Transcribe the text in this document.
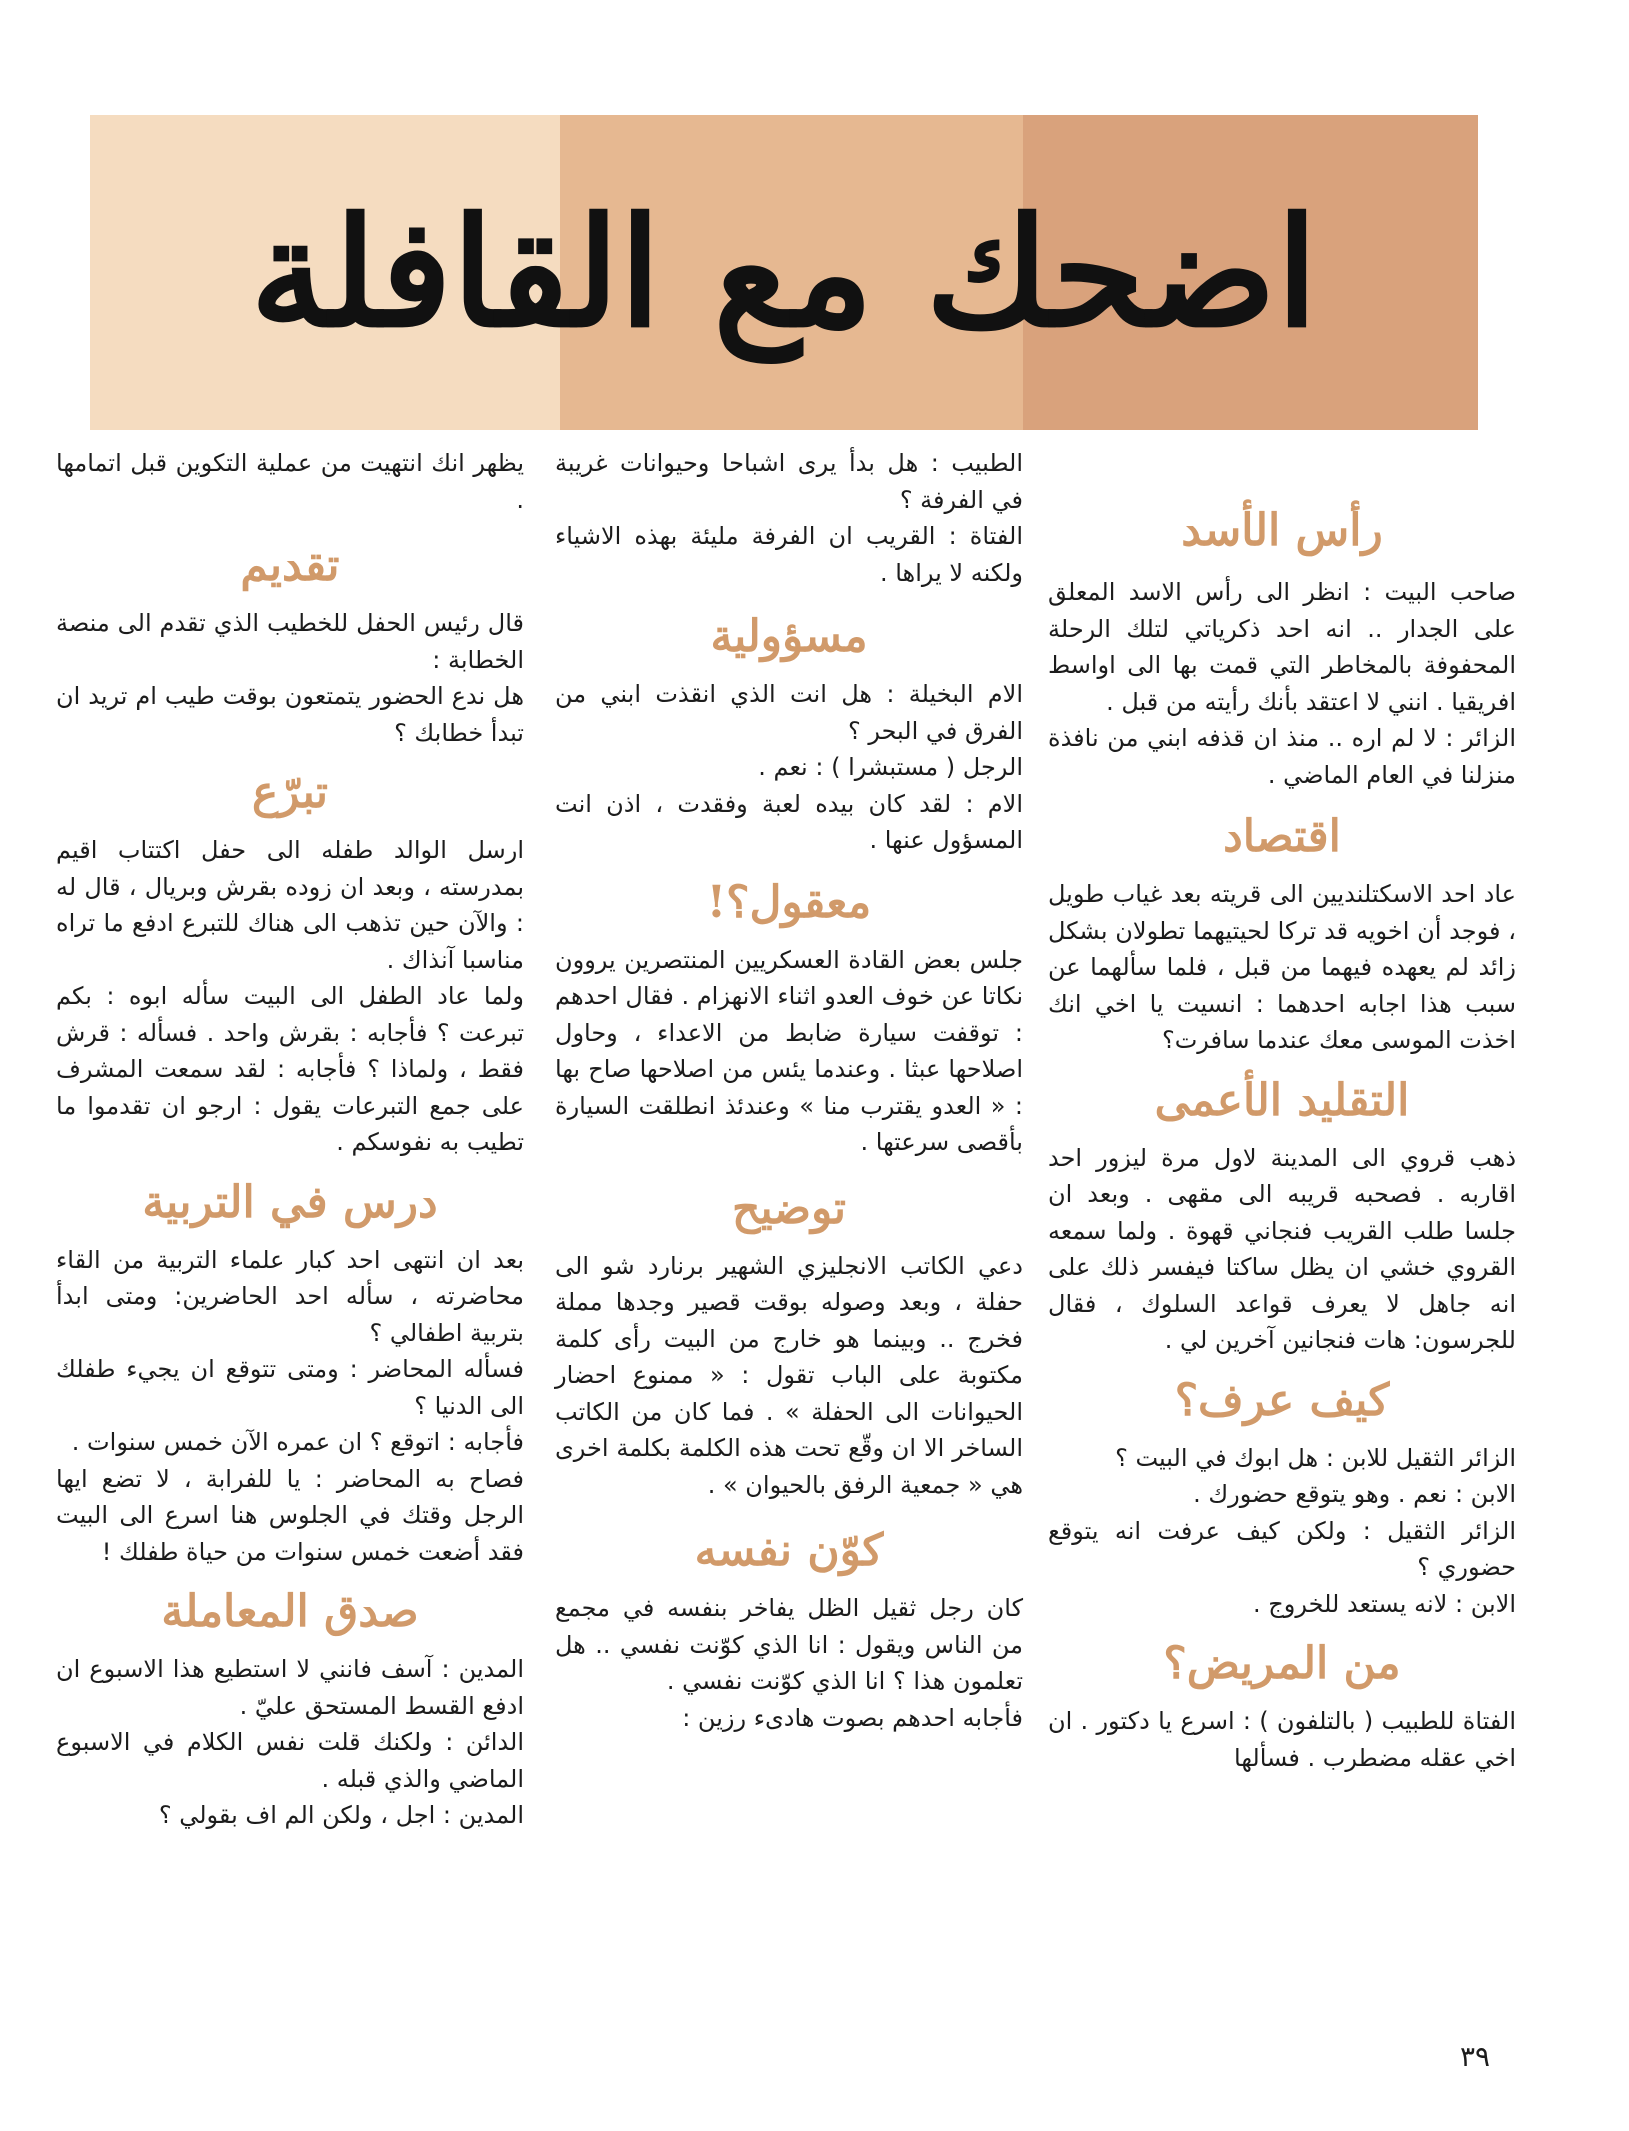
اضحك مع القافلة
رأس الأسد

صاحب البيت : انظر الى رأس الاسد المعلق على الجدار .. انه احد ذكرياتي لتلك الرحلة المحفوفة بالمخاطر التي قمت بها الى اواسط افريقيا . انني لا اعتقد بأنك رأيته من قبل .

الزائر : لا لم اره .. منذ ان قذفه ابني من نافذة منزلنا في العام الماضي .

اقتصاد

عاد احد الاسكتلنديين الى قريته بعد غياب طويل ، فوجد أن اخويه قد تركا لحيتيهما تطولان بشكل زائد لم يعهده فيهما من قبل ، فلما سألهما عن سبب هذا اجابه احدهما : انسيت يا اخي انك اخذت الموسى معك عندما سافرت؟

التقليد الأعمى

ذهب قروي الى المدينة لاول مرة ليزور احد اقاربه . فصحبه قريبه الى مقهى . وبعد ان جلسا طلب القريب فنجاني قهوة . ولما سمعه القروي خشي ان يظل ساكتا فيفسر ذلك على انه جاهل لا يعرف قواعد السلوك ، فقال للجرسون: هات فنجانين آخرين لي .

كيف عرف؟

الزائر الثقيل للابن : هل ابوك في البيت ؟

الابن : نعم . وهو يتوقع حضورك .

الزائر الثقيل : ولكن كيف عرفت انه يتوقع حضوري ؟

الابن : لانه يستعد للخروج .

من المريض؟

الفتاة للطبيب ( بالتلفون ) : اسرع يا دكتور . ان اخي عقله مضطرب . فسألها

الطبيب : هل بدأ يرى اشباحا وحيوانات غريبة في الفرفة ؟

الفتاة : القريب ان الفرفة مليئة بهذه الاشياء ولكنه لا يراها .

مسؤولية

الام البخيلة : هل انت الذي انقذت ابني من الفرق في البحر ؟

الرجل ( مستبشرا ) : نعم .

الام : لقد كان بيده لعبة وفقدت ، اذن انت المسؤول عنها .

معقول؟!

جلس بعض القادة العسكريين المنتصرين يروون نكاتا عن خوف العدو اثناء الانهزام . فقال احدهم : توقفت سيارة ضابط من الاعداء ، وحاول اصلاحها عبثا . وعندما يئس من اصلاحها صاح بها : « العدو يقترب منا » وعندئذ انطلقت السيارة بأقصى سرعتها .

توضيح

دعي الكاتب الانجليزي الشهير برنارد شو الى حفلة ، وبعد وصوله بوقت قصير وجدها مملة فخرج .. وبينما هو خارج من البيت رأى كلمة مكتوبة على الباب تقول : « ممنوع احضار الحيوانات الى الحفلة » . فما كان من الكاتب الساخر الا ان وقّع تحت هذه الكلمة بكلمة اخرى هي « جمعية الرفق بالحيوان » .

كوّن نفسه

كان رجل ثقيل الظل يفاخر بنفسه في مجمع من الناس ويقول : انا الذي كوّنت نفسي .. هل تعلمون هذا ؟ انا الذي كوّنت نفسي .

فأجابه احدهم بصوت هادىء رزين :

يظهر انك انتهيت من عملية التكوين قبل اتمامها .

تقديم

قال رئيس الحفل للخطيب الذي تقدم الى منصة الخطابة :

هل ندع الحضور يتمتعون بوقت طيب ام تريد ان تبدأ خطابك ؟

تبرّع

ارسل الوالد طفله الى حفل اكتتاب اقيم بمدرسته ، وبعد ان زوده بقرش وبريال ، قال له : والآن حين تذهب الى هناك للتبرع ادفع ما تراه مناسبا آنذاك .

ولما عاد الطفل الى البيت سأله ابوه : بكم تبرعت ؟ فأجابه : بقرش واحد . فسأله : قرش فقط ، ولماذا ؟ فأجابه : لقد سمعت المشرف على جمع التبرعات يقول : ارجو ان تقدموا ما تطيب به نفوسكم .

درس في التربية

بعد ان انتهى احد كبار علماء التربية من القاء محاضرته ، سأله احد الحاضرين: ومتى ابدأ بتربية اطفالي ؟

فسأله المحاضر : ومتى تتوقع ان يجيء طفلك الى الدنيا ؟

فأجابه : اتوقع ؟ ان عمره الآن خمس سنوات .

فصاح به المحاضر : يا للفرابة ، لا تضع ايها الرجل وقتك في الجلوس هنا اسرع الى البيت فقد أضعت خمس سنوات من حياة طفلك !

صدق المعاملة

المدين : آسف فانني لا استطيع هذا الاسبوع ان ادفع القسط المستحق عليّ .

الدائن : ولكنك قلت نفس الكلام في الاسبوع الماضي والذي قبله .

المدين : اجل ، ولكن الم اف بقولي ؟

٣٩
